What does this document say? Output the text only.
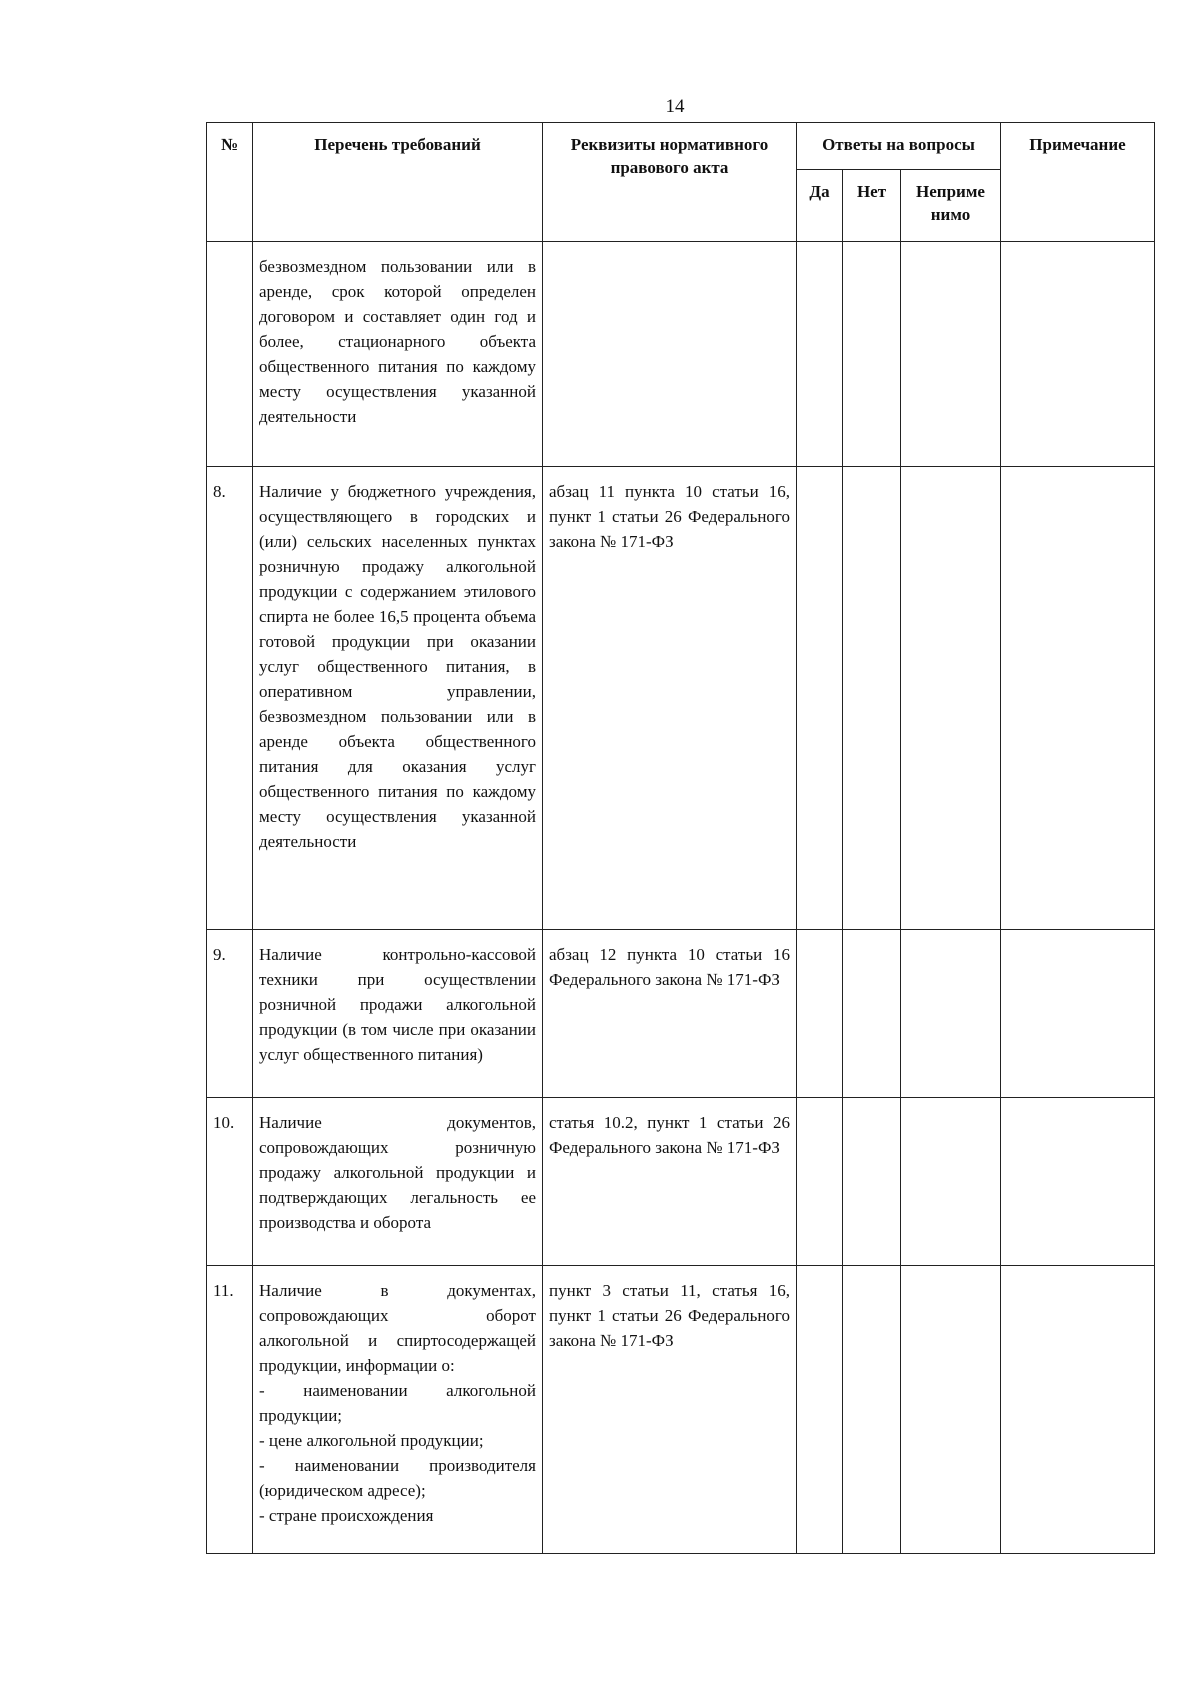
14
№	Перечень требований	Реквизиты нормативного правового акта	Ответы на вопросы			Примечание
			Да	Нет	Неприме нимо	
	безвозмездном пользовании или в аренде, срок которой определен договором и составляет один год и более, стационарного объекта общественного питания по каждому месту осуществления указанной деятельности					
8.	Наличие у бюджетного учреждения, осуществляющего в городских и (или) сельских населенных пунктах розничную продажу алкогольной продукции с содержанием этилового спирта не более 16,5 процента объема готовой продукции при оказании услуг общественного питания, в оперативном управлении, безвозмездном пользовании или в аренде объекта общественного питания для оказания услуг общественного питания по каждому месту осуществления указанной деятельности	абзац 11 пункта 10 статьи 16, пункт 1 статьи 26 Федерального закона № 171-ФЗ				
9.	Наличие контрольно-кассовой техники при осуществлении розничной продажи алкогольной продукции (в том числе при оказании услуг общественного питания)	абзац 12 пункта 10 статьи 16 Федерального закона № 171-ФЗ				
10.	Наличие документов, сопровождающих розничную продажу алкогольной продукции и подтверждающих легальность ее производства и оборота	статья 10.2, пункт 1 статьи 26 Федерального закона № 171-ФЗ				
11.	Наличие в документах, сопровождающих оборот алкогольной и спиртосодержащей продукции, информации о:
- наименовании алкогольной продукции;
- цене алкогольной продукции;
- наименовании производителя (юридическом адресе);
- стране происхождения	пункт 3 статьи 11, статья 16, пункт 1 статьи 26 Федерального закона № 171-ФЗ				
